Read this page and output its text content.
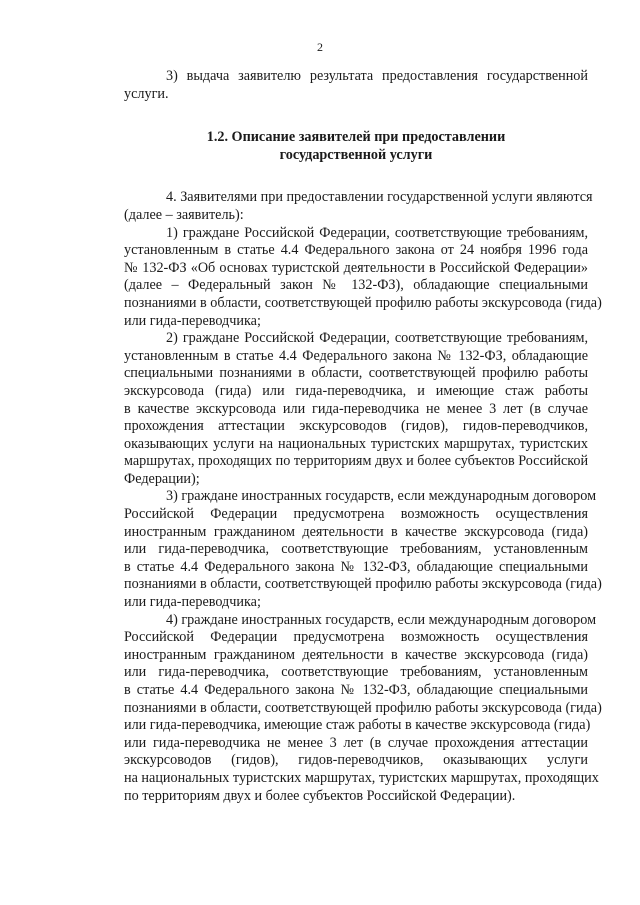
2
3) выдача заявителю результата предоставления государственной
услуги.
1.2. Описание заявителей при предоставлении
государственной услуги
4. Заявителями при предоставлении государственной услуги являются
(далее – заявитель):
1) граждане Российской Федерации, соответствующие требованиям,
установленным в статье 4.4 Федерального закона от 24 ноября 1996 года
№ 132-ФЗ «Об основах туристской деятельности в Российской Федерации»
(далее – Федеральный закон № 132-ФЗ), обладающие специальными
познаниями в области, соответствующей профилю работы экскурсовода (гида)
или гида-переводчика;
2) граждане Российской Федерации, соответствующие требованиям,
установленным в статье 4.4 Федерального закона № 132-ФЗ, обладающие
специальными познаниями в области, соответствующей профилю работы
экскурсовода (гида) или гида-переводчика, и имеющие стаж работы
в качестве экскурсовода или гида-переводчика не менее 3 лет (в случае
прохождения аттестации экскурсоводов (гидов), гидов-переводчиков,
оказывающих услуги на национальных туристских маршрутах, туристских
маршрутах, проходящих по территориям двух и более субъектов Российской
Федерации);
3) граждане иностранных государств, если международным договором
Российской Федерации предусмотрена возможность осуществления
иностранным гражданином деятельности в качестве экскурсовода (гида)
или гида-переводчика, соответствующие требованиям, установленным
в статье 4.4 Федерального закона № 132-ФЗ, обладающие специальными
познаниями в области, соответствующей профилю работы экскурсовода (гида)
или гида-переводчика;
4) граждане иностранных государств, если международным договором
Российской Федерации предусмотрена возможность осуществления
иностранным гражданином деятельности в качестве экскурсовода (гида)
или гида-переводчика, соответствующие требованиям, установленным
в статье 4.4 Федерального закона № 132-ФЗ, обладающие специальными
познаниями в области, соответствующей профилю работы экскурсовода (гида)
или гида-переводчика, имеющие стаж работы в качестве экскурсовода (гида)
или гида-переводчика не менее 3 лет (в случае прохождения аттестации
экскурсоводов (гидов), гидов-переводчиков, оказывающих услуги
на национальных туристских маршрутах, туристских маршрутах, проходящих
по территориям двух и более субъектов Российской Федерации).
